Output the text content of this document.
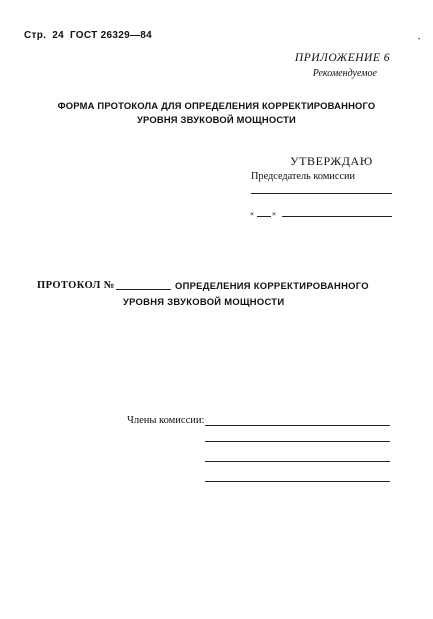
Стр. 24 ГОСТ 26329—84	•
ПРИЛОЖЕНИЕ 6
Рекомендуемое
ФОРМА ПРОТОКОЛА ДЛЯ ОПРЕДЕЛЕНИЯ КОРРЕКТИРОВАННОГО
УРОВНЯ ЗВУКОВОЙ МОЩНОСТИ
УТВЕРЖДАЮ
Председатель комиссии
« »
ПРОТОКОЛ №	ОПРЕДЕЛЕНИЯ КОРРЕКТИРОВАННОГО
УРОВНЯ ЗВУКОВОЙ МОЩНОСТИ
Члены комиссии:
